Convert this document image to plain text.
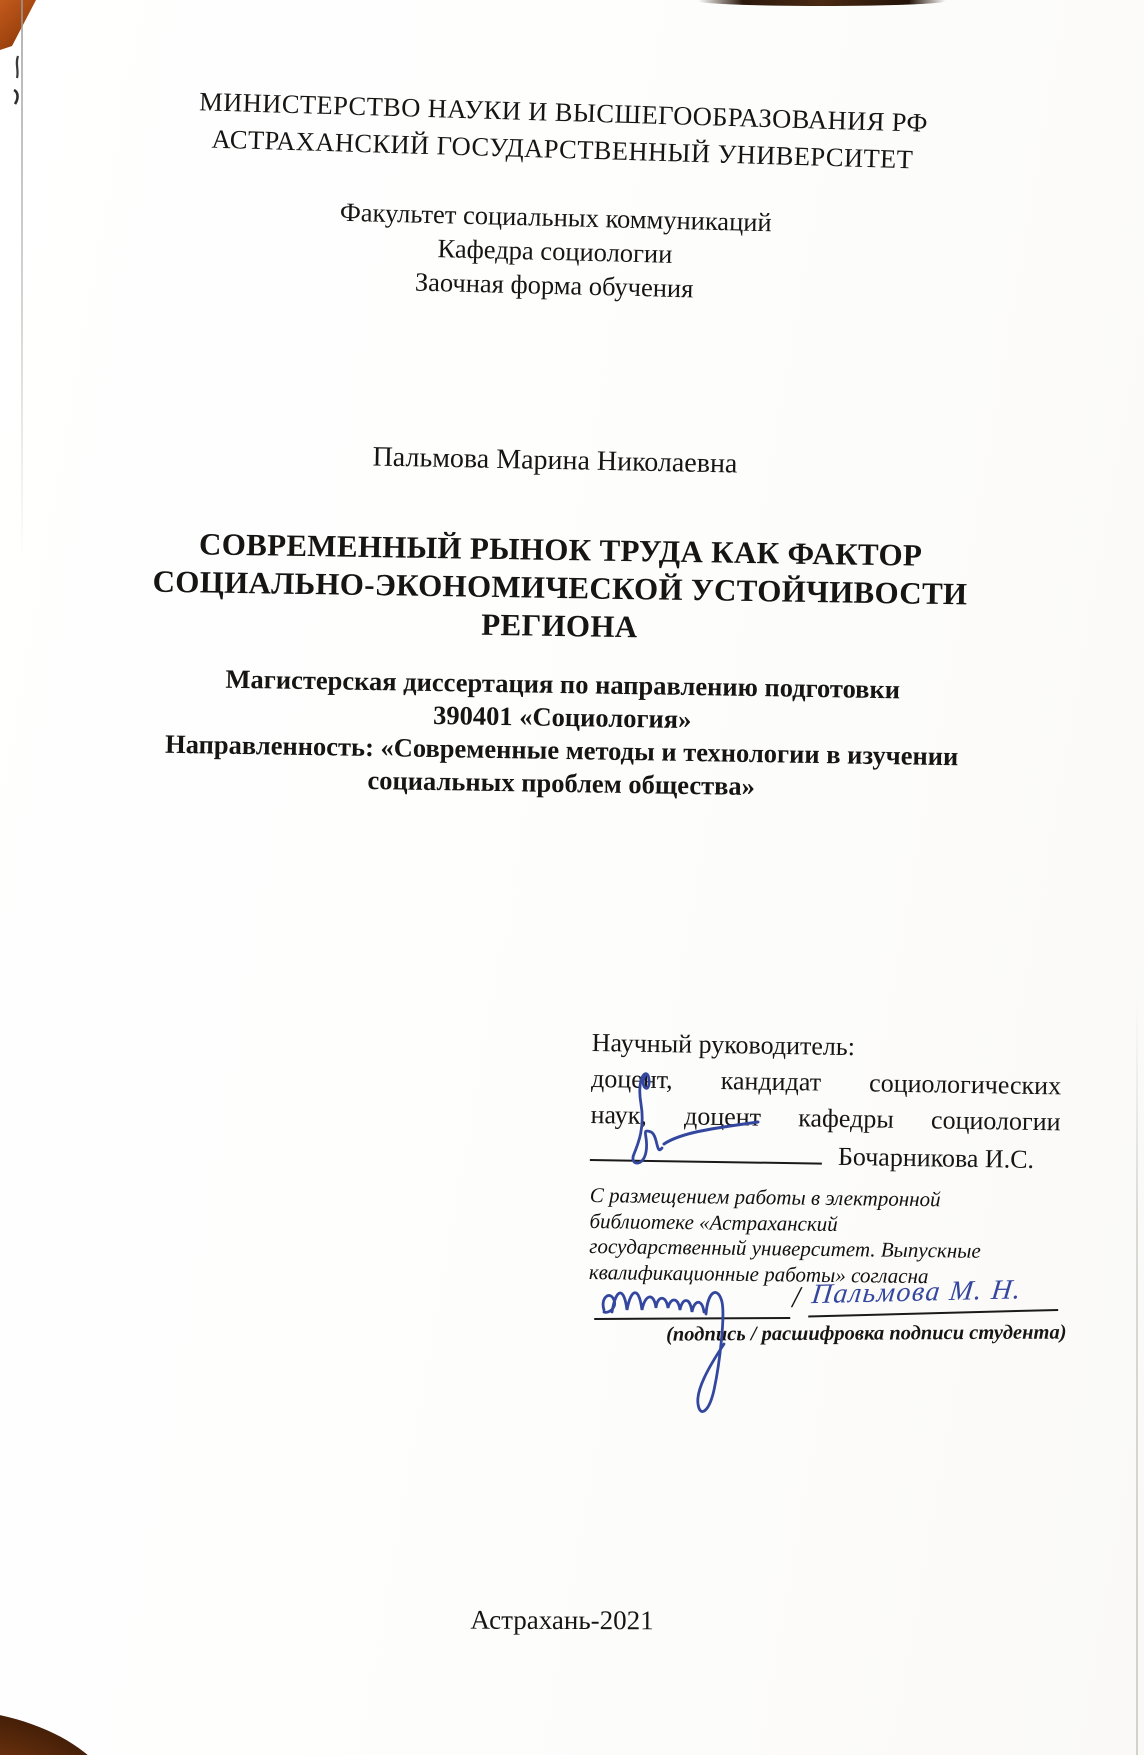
МИНИСТЕРСТВО НАУКИ И ВЫСШЕГООБРАЗОВАНИЯ РФ
АСТРАХАНСКИЙ ГОСУДАРСТВЕННЫЙ УНИВЕРСИТЕТ
Факультет социальных коммуникаций
Кафедра социологии
Заочная форма обучения
Пальмова Марина Николаевна
СОВРЕМЕННЫЙ РЫНОК ТРУДА КАК ФАКТОР
СОЦИАЛЬНО-ЭКОНОМИЧЕСКОЙ УСТОЙЧИВОСТИ
РЕГИОНА
Магистерская диссертация по направлению подготовки
390401 «Социология»
Направленность: «Современные методы и технологии в изучении
социальных проблем общества»
Научный руководитель:
доцент, кандидат социологических
наук, доцент кафедры социологии
Бочарникова И.С.
С размещением работы в электронной
библиотеке «Астраханский
государственный университет. Выпускные
квалификационные работы» согласна
/ Пальмова М. Н.
(подпись / расшифровка подписи студента)
Астрахань-2021
